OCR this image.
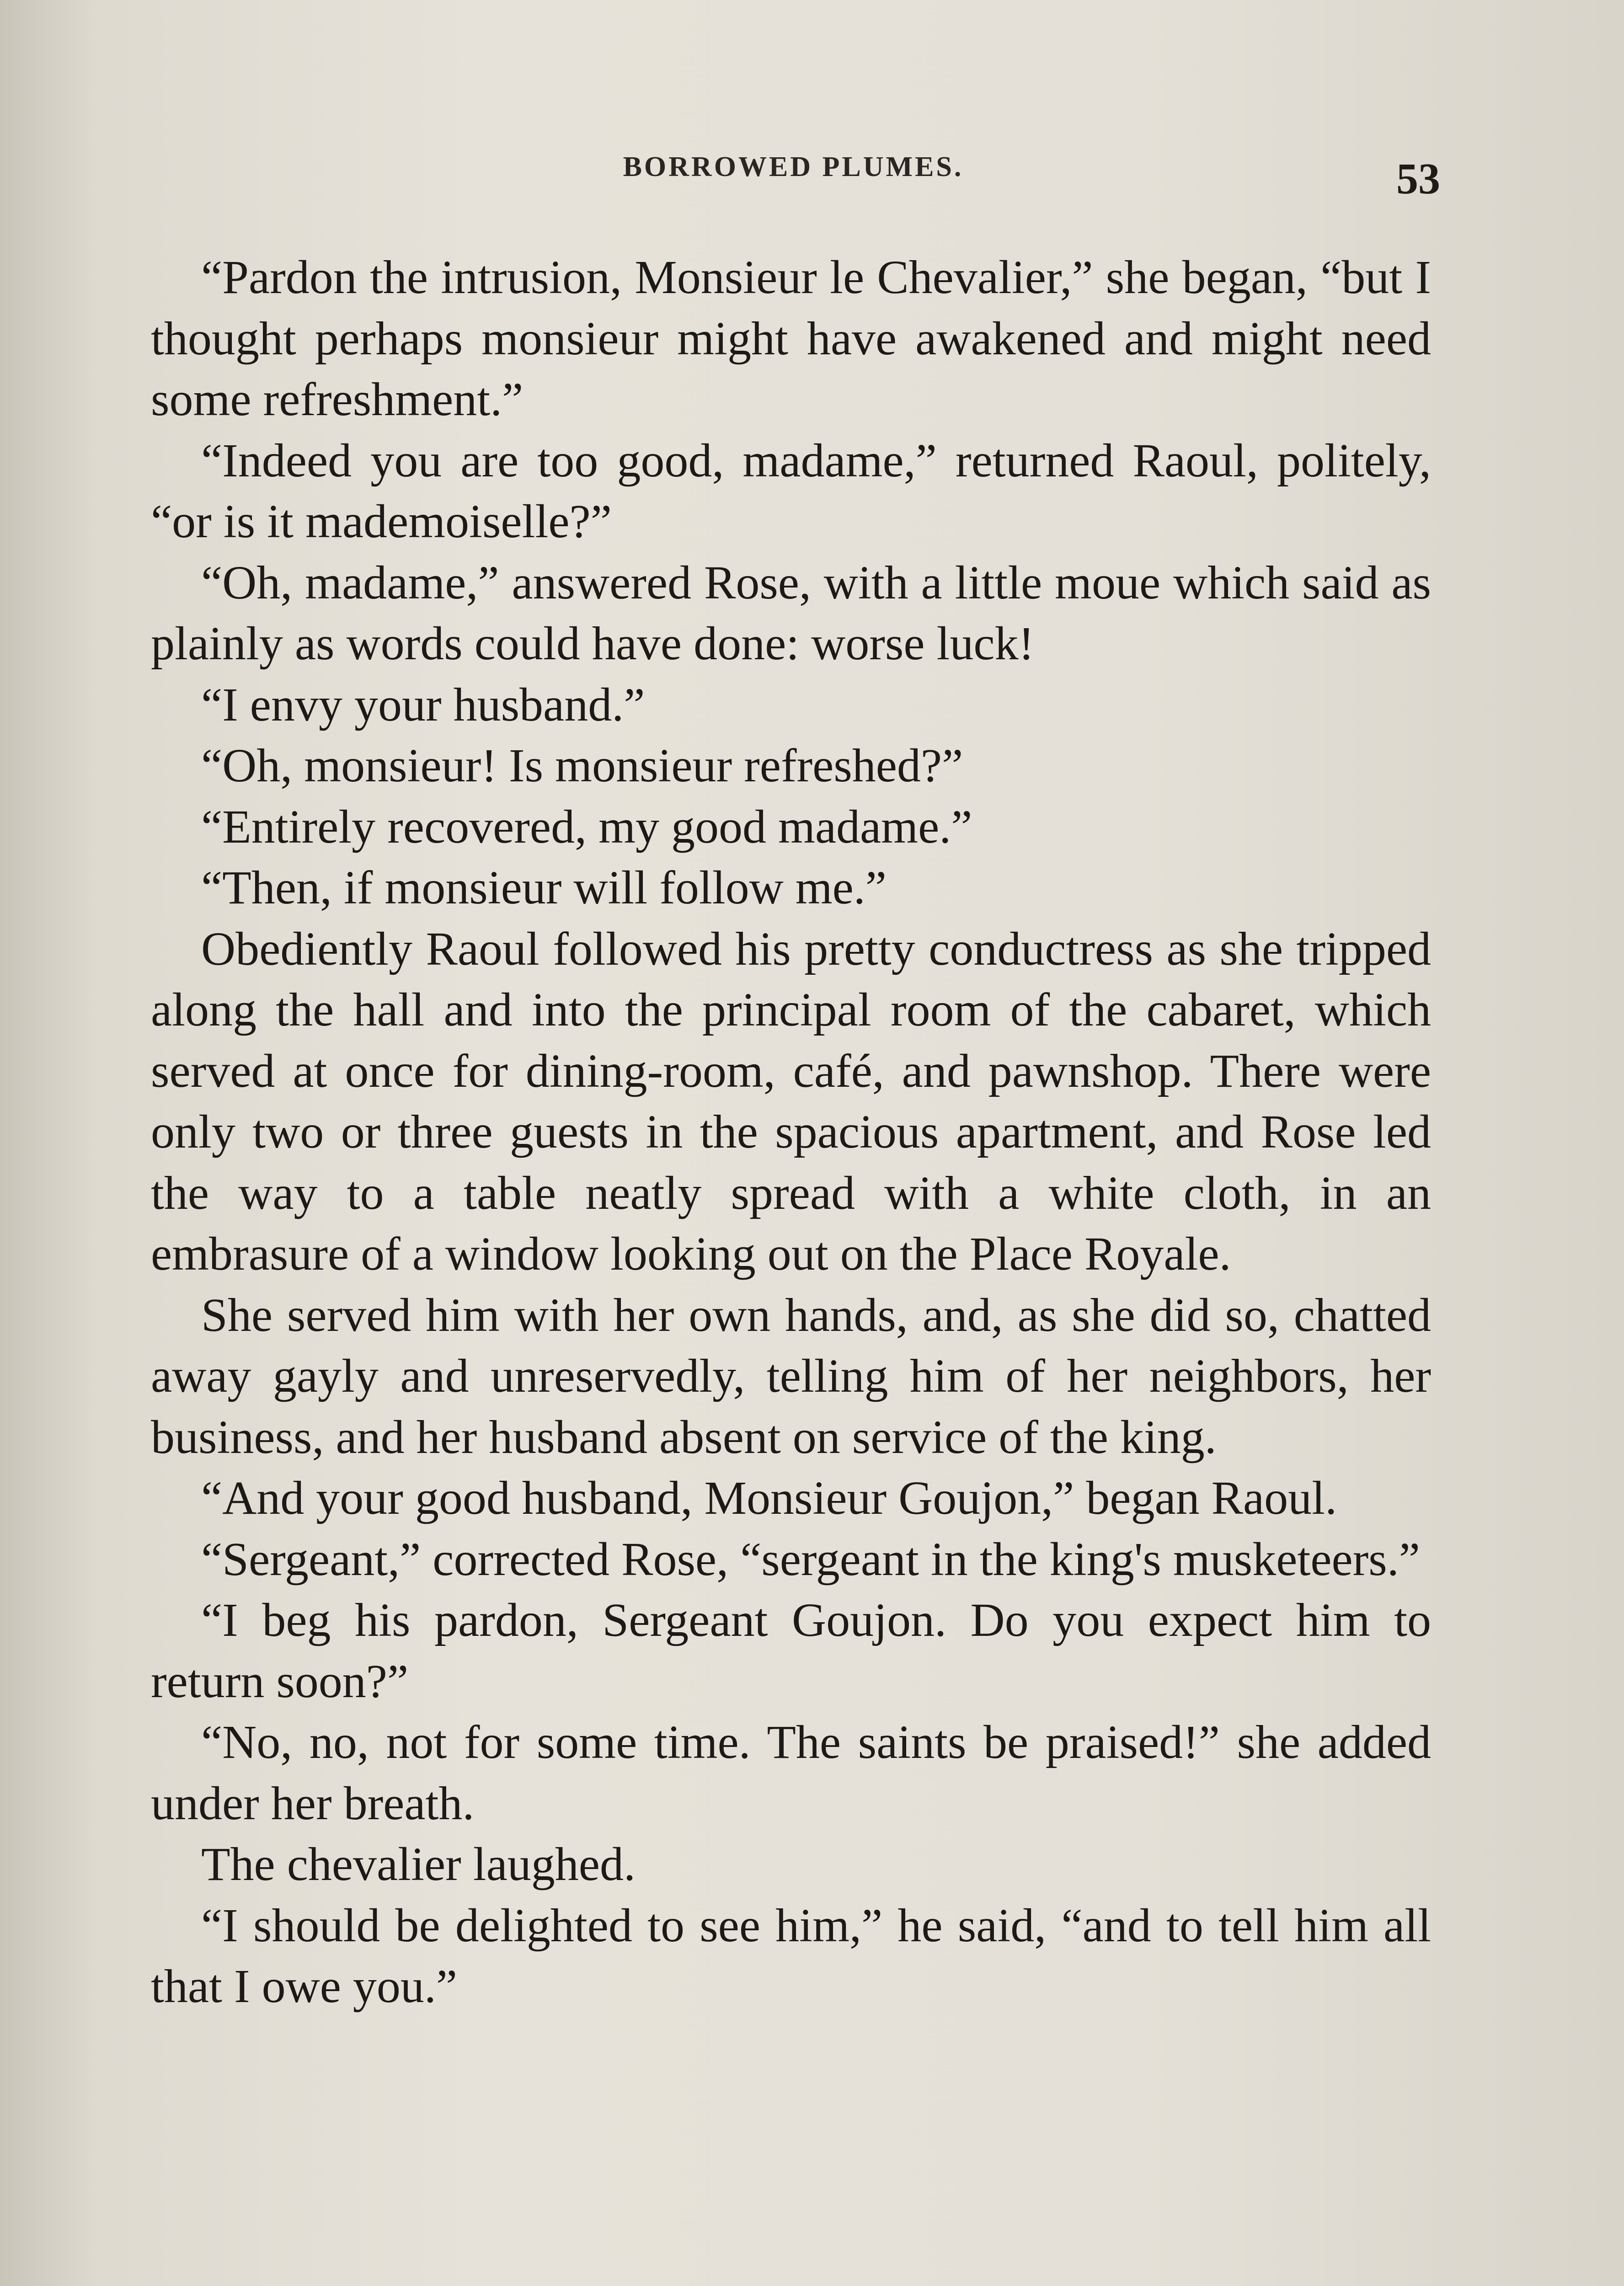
BORROWED PLUMES.	53

“Pardon the intrusion, Monsieur le Chevalier,” she began, “but I thought perhaps monsieur might have awakened and might need some refreshment.”

“Indeed you are too good, madame,” returned Raoul, politely, “or is it mademoiselle?”

“Oh, madame,” answered Rose, with a little moue which said as plainly as words could have done: worse luck!

“I envy your husband.”

“Oh, monsieur! Is monsieur refreshed?”

“Entirely recovered, my good madame.”

“Then, if monsieur will follow me.”

Obediently Raoul followed his pretty conductress as she tripped along the hall and into the principal room of the cabaret, which served at once for dining-room, café, and pawnshop. There were only two or three guests in the spacious apartment, and Rose led the way to a table neatly spread with a white cloth, in an embrasure of a window looking out on the Place Royale.

She served him with her own hands, and, as she did so, chatted away gayly and unreservedly, telling him of her neighbors, her business, and her husband absent on service of the king.

“And your good husband, Monsieur Goujon,” began Raoul.

“Sergeant,” corrected Rose, “sergeant in the king's musketeers.”

“I beg his pardon, Sergeant Goujon. Do you expect him to return soon?”

“No, no, not for some time. The saints be praised!” she added under her breath.

The chevalier laughed.

“I should be delighted to see him,” he said, “and to tell him all that I owe you.”
